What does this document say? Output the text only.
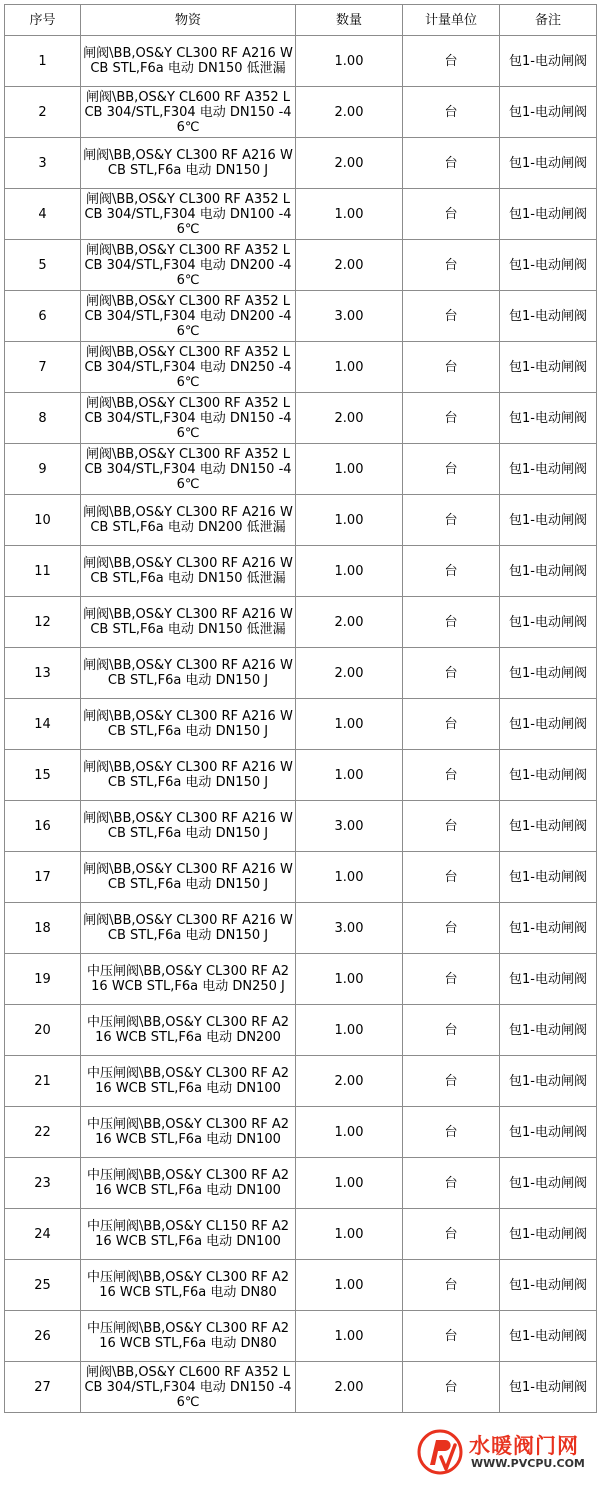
序号	物资	数量	计量单位	备注
1	闸阀\BB,OS&Y CL300 RF A216 WCB STL,F6a 电动 DN150 低泄漏	1.00	台	包1-电动闸阀
2	闸阀\BB,OS&Y CL600 RF A352 LCB 304/STL,F304 电动 DN150 -46℃	2.00	台	包1-电动闸阀
3	闸阀\BB,OS&Y CL300 RF A216 WCB STL,F6a 电动 DN150 J	2.00	台	包1-电动闸阀
4	闸阀\BB,OS&Y CL300 RF A352 LCB 304/STL,F304 电动 DN100 -46℃	1.00	台	包1-电动闸阀
5	闸阀\BB,OS&Y CL300 RF A352 LCB 304/STL,F304 电动 DN200 -46℃	2.00	台	包1-电动闸阀
6	闸阀\BB,OS&Y CL300 RF A352 LCB 304/STL,F304 电动 DN200 -46℃	3.00	台	包1-电动闸阀
7	闸阀\BB,OS&Y CL300 RF A352 LCB 304/STL,F304 电动 DN250 -46℃	1.00	台	包1-电动闸阀
8	闸阀\BB,OS&Y CL300 RF A352 LCB 304/STL,F304 电动 DN150 -46℃	2.00	台	包1-电动闸阀
9	闸阀\BB,OS&Y CL300 RF A352 LCB 304/STL,F304 电动 DN150 -46℃	1.00	台	包1-电动闸阀
10	闸阀\BB,OS&Y CL300 RF A216 WCB STL,F6a 电动 DN200 低泄漏	1.00	台	包1-电动闸阀
11	闸阀\BB,OS&Y CL300 RF A216 WCB STL,F6a 电动 DN150 低泄漏	1.00	台	包1-电动闸阀
12	闸阀\BB,OS&Y CL300 RF A216 WCB STL,F6a 电动 DN150 低泄漏	2.00	台	包1-电动闸阀
13	闸阀\BB,OS&Y CL300 RF A216 WCB STL,F6a 电动 DN150 J	2.00	台	包1-电动闸阀
14	闸阀\BB,OS&Y CL300 RF A216 WCB STL,F6a 电动 DN150 J	1.00	台	包1-电动闸阀
15	闸阀\BB,OS&Y CL300 RF A216 WCB STL,F6a 电动 DN150 J	1.00	台	包1-电动闸阀
16	闸阀\BB,OS&Y CL300 RF A216 WCB STL,F6a 电动 DN150 J	3.00	台	包1-电动闸阀
17	闸阀\BB,OS&Y CL300 RF A216 WCB STL,F6a 电动 DN150 J	1.00	台	包1-电动闸阀
18	闸阀\BB,OS&Y CL300 RF A216 WCB STL,F6a 电动 DN150 J	3.00	台	包1-电动闸阀
19	中压闸阀\BB,OS&Y CL300 RF A216 WCB STL,F6a 电动 DN250 J	1.00	台	包1-电动闸阀
20	中压闸阀\BB,OS&Y CL300 RF A216 WCB STL,F6a 电动 DN200	1.00	台	包1-电动闸阀
21	中压闸阀\BB,OS&Y CL300 RF A216 WCB STL,F6a 电动 DN100	2.00	台	包1-电动闸阀
22	中压闸阀\BB,OS&Y CL300 RF A216 WCB STL,F6a 电动 DN100	1.00	台	包1-电动闸阀
23	中压闸阀\BB,OS&Y CL300 RF A216 WCB STL,F6a 电动 DN100	1.00	台	包1-电动闸阀
24	中压闸阀\BB,OS&Y CL150 RF A216 WCB STL,F6a 电动 DN100	1.00	台	包1-电动闸阀
25	中压闸阀\BB,OS&Y CL300 RF A216 WCB STL,F6a 电动 DN80	1.00	台	包1-电动闸阀
26	中压闸阀\BB,OS&Y CL300 RF A216 WCB STL,F6a 电动 DN80	1.00	台	包1-电动闸阀
27	闸阀\BB,OS&Y CL600 RF A352 LCB 304/STL,F304 电动 DN150 -46℃	2.00	台	包1-电动闸阀
水暖阀门网
WWW.PVCPU.COM
